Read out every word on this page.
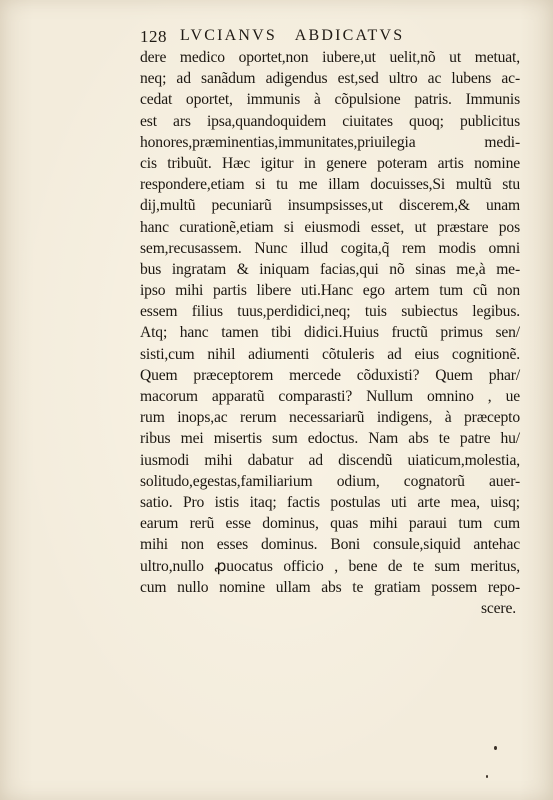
128 LVCIANVS   ABDICATVS
dere medico oportet,non iubere,ut uelit,nõ ut metuat,
neq; ad sanãdum adigendus est,sed ultro ac lubens ac-
cedat oportet, immunis à cõpulsione patris. Immunis
est ars ipsa,quandoquidem ciuitates quoq; publicitus
honores,præminentias,immunitates,priuilegia medi-
cis tribuũt. Hæc igitur in genere poteram artis nomine
respondere,etiam si tu me illam docuisses,Si multũ stu
dij,multũ pecuniarũ insumpsisses,ut discerem,& unam
hanc curationẽ,etiam si eiusmodi esset, ut præstare pos
sem,recusassem. Nunc illud cogita,q̃ rem modis omni
bus ingratam & iniquam facias,qui nõ sinas me,à me-
ipso mihi partis libere uti.Hanc ego artem tum cũ non
essem filius tuus,perdidici,neq; tuis subiectus legibus.
Atq; hanc tamen tibi didici.Huius fructũ primus sen/
sisti,cum nihil adiumenti cõtuleris ad eius cognitionẽ.
Quem præceptorem mercede cõduxisti? Quem phar/
macorum apparatũ comparasti? Nullum omnino , ue
rum inops,ac rerum necessariarũ indigens, à præcepto
ribus mei misertis sum edoctus. Nam abs te patre hu/
iusmodi mihi dabatur ad discendũ uiaticum,molestia,
solitudo,egestas,familiarium odium, cognatorũ auer-
satio. Pro istis itaq; factis postulas uti arte mea, uisq;
earum rerũ esse dominus, quas mihi paraui tum cum
mihi non esses dominus. Boni consule,siquid antehac
ultro,nullo ꝓuocatus officio , bene de te sum meritus,
cum nullo nomine ullam abs te gratiam possem repo-
scere.
